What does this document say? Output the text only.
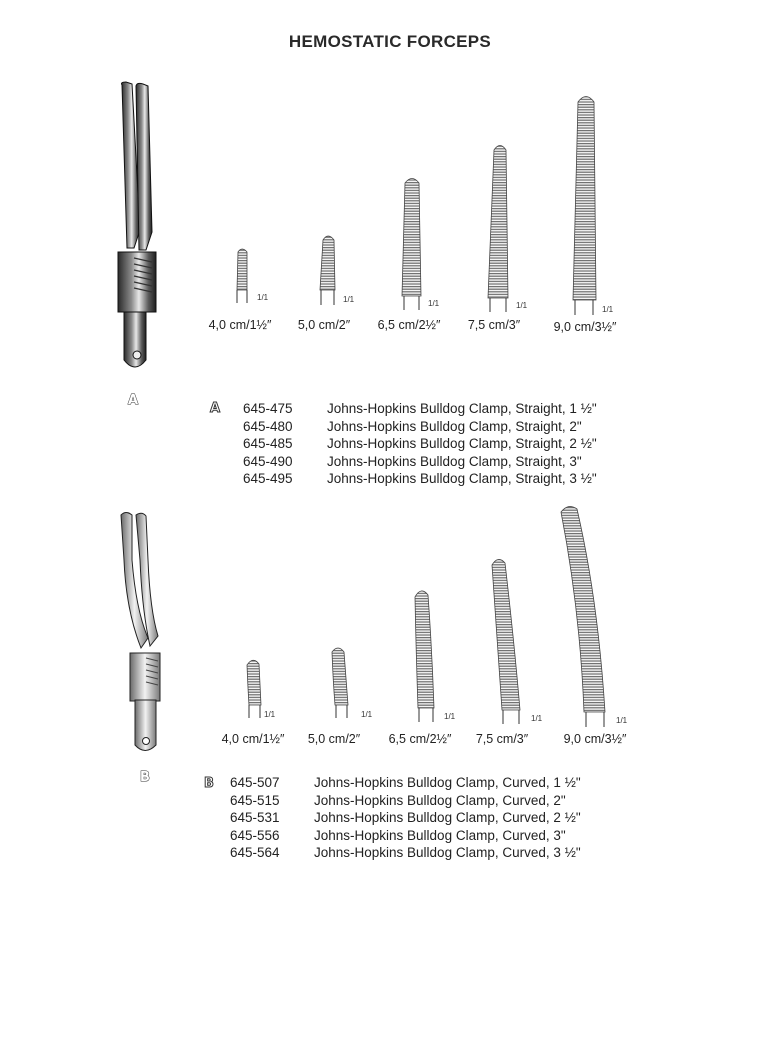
HEMOSTATIC FORCEPS
1/1	1/1	1/1	1/1	1/1
4,0 cm/1½″ 5,0 cm/2″ 6,5 cm/2½″ 7,5 cm/3″	9,0 cm/3½″
A
A 645-475	Johns-Hopkins Bulldog Clamp, Straight, 1 ½"
645-480	Johns-Hopkins Bulldog Clamp, Straight, 2"
645-485	Johns-Hopkins Bulldog Clamp, Straight, 2 ½"
645-490	Johns-Hopkins Bulldog Clamp, Straight, 3"
645-495	Johns-Hopkins Bulldog Clamp, Straight, 3 ½"
1/1	1/1	1/1	1/1	1/1
4,0 cm/1½″ 5,0 cm/2″ 6,5 cm/2½″ 7,5 cm/3″	9,0 cm/3½″
B	B 645-507	Johns-Hopkins Bulldog Clamp, Curved, 1 ½"
645-515	Johns-Hopkins Bulldog Clamp, Curved, 2"
645-531	Johns-Hopkins Bulldog Clamp, Curved, 2 ½"
645-556	Johns-Hopkins Bulldog Clamp, Curved, 3"
645-564	Johns-Hopkins Bulldog Clamp, Curved, 3 ½"
